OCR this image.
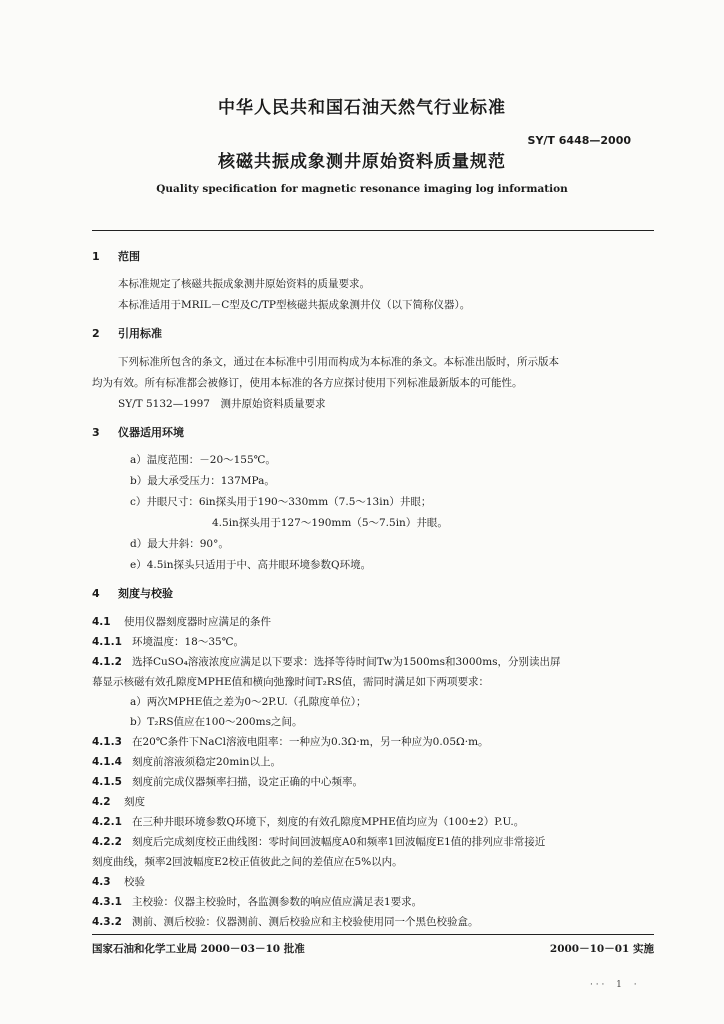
中华人民共和国石油天然气行业标准
SY/T 6448—2000
核磁共振成象测井原始资料质量规范
Quality specification for magnetic resonance imaging log information
1 范围
本标准规定了核磁共振成象测井原始资料的质量要求。
本标准适用于MRIL－C型及C/TP型核磁共振成象测井仪（以下简称仪器）。
2 引用标准
下列标准所包含的条文，通过在本标准中引用而构成为本标准的条文。本标准出版时，所示版本
均为有效。所有标准都会被修订，使用本标准的各方应探讨使用下列标准最新版本的可能性。
SY/T 5132—1997　测井原始资料质量要求
3 仪器适用环境
a）温度范围：－20～155℃。
b）最大承受压力：137MPa。
c）井眼尺寸：6in探头用于190～330mm（7.5～13in）井眼；
4.5in探头用于127～190mm（5～7.5in）井眼。
d）最大井斜：90°。
e）4.5in探头只适用于中、高井眼环境参数Q环境。
4 刻度与校验
4.1 使用仪器刻度器时应满足的条件
4.1.1 环境温度：18～35℃。
4.1.2 选择CuSO₄溶液浓度应满足以下要求：选择等待时间Tw为1500ms和3000ms，分别读出屏
幕显示核磁有效孔隙度MPHE值和横向弛豫时间T₂RS值，需同时满足如下两项要求：
a）两次MPHE值之差为0～2P.U.（孔隙度单位）；
b）T₂RS值应在100～200ms之间。
4.1.3 在20℃条件下NaCl溶液电阻率：一种应为0.3Ω·m，另一种应为0.05Ω·m。
4.1.4 刻度前溶液须稳定20min以上。
4.1.5 刻度前完成仪器频率扫描，设定正确的中心频率。
4.2 刻度
4.2.1 在三种井眼环境参数Q环境下，刻度的有效孔隙度MPHE值均应为（100±2）P.U.。
4.2.2 刻度后完成刻度校正曲线图：零时间回波幅度A0和频率1回波幅度E1值的排列应非常接近
刻度曲线，频率2回波幅度E2校正值彼此之间的差值应在5%以内。
4.3 校验
4.3.1 主校验：仪器主校验时，各监测参数的响应值应满足表1要求。
4.3.2 测前、测后校验：仪器测前、测后校验应和主校验使用同一个黑色校验盒。
国家石油和化学工业局 2000－03－10 批准	2000－10－01 实施
· · ·　 1　 ·
